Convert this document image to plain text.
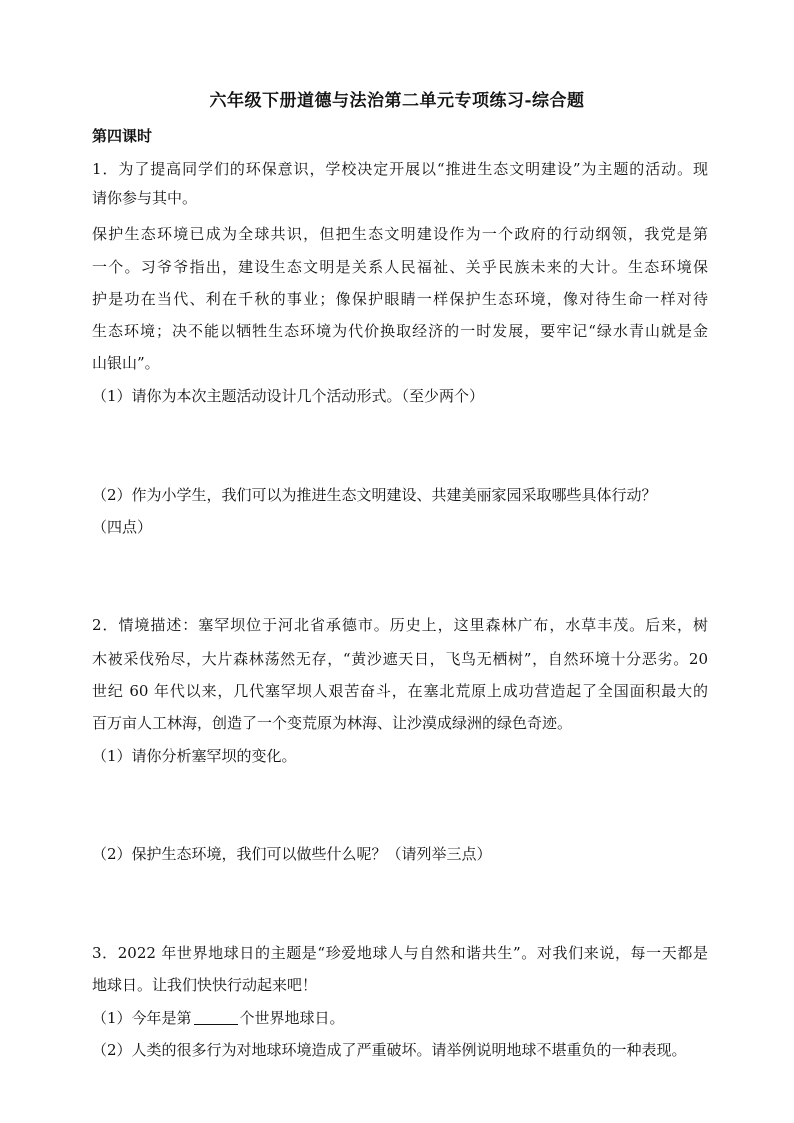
六年级下册道德与法治第二单元专项练习-综合题
第四课时
1．为了提高同学们的环保意识，学校决定开展以“推进生态文明建设”为主题的活动。现
请你参与其中。
保护生态环境已成为全球共识，但把生态文明建设作为一个政府的行动纲领，我党是第
一个。习爷爷指出，建设生态文明是关系人民福祉、关乎民族未来的大计。生态环境保
护是功在当代、利在千秋的事业；像保护眼睛一样保护生态环境，像对待生命一样对待
生态环境；决不能以牺牲生态环境为代价换取经济的一时发展，要牢记“绿水青山就是金
山银山”。
（1）请你为本次主题活动设计几个活动形式。（至少两个）
（2）作为小学生，我们可以为推进生态文明建设、共建美丽家园采取哪些具体行动？
（四点）
2．情境描述：塞罕坝位于河北省承德市。历史上，这里森林广布，水草丰茂。后来，树
木被采伐殆尽，大片森林荡然无存，“黄沙遮天日，飞鸟无栖树”，自然环境十分恶劣。20
世纪 60 年代以来，几代塞罕坝人艰苦奋斗，在塞北荒原上成功营造起了全国面积最大的
百万亩人工林海，创造了一个变荒原为林海、让沙漠成绿洲的绿色奇迹。
（1）请你分析塞罕坝的变化。
（2）保护生态环境，我们可以做些什么呢？（请列举三点）
3．2022 年世界地球日的主题是“珍爱地球人与自然和谐共生”。对我们来说，每一天都是
地球日。让我们快快行动起来吧！
（1）今年是第	个世界地球日。
（2）人类的很多行为对地球环境造成了严重破坏。请举例说明地球不堪重负的一种表现。
